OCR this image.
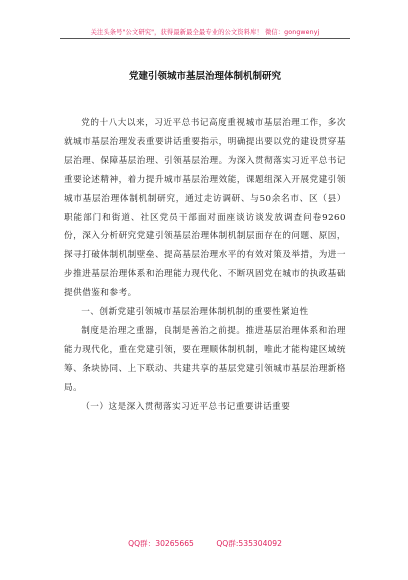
关注头条号"公文研究"，获得最新最全最专业的公文资料库！ 微信：gongwenyj
党建引领城市基层治理体制机制研究

党的十八大以来，习近平总书记高度重视城市基层治理工作，多次就城市基层治理发表重要讲话重要指示，明确提出要以党的建设贯穿基层治理、保障基层治理、引领基层治理。为深入贯彻落实习近平总书记重要论述精神，着力提升城市基层治理效能，课题组深入开展党建引领城市基层治理体制机制研究，通过走访调研、与50余名市、区（县）职能部门和街道、社区党员干部面对面座谈访谈发放调查问卷9260份，深入分析研究党建引领基层治理体制机制层面存在的问题、原因，探寻打破体制机制壁垒、提高基层治理水平的有效对策及举措，为进一步推进基层治理体系和治理能力现代化、不断巩固党在城市的执政基础提供借鉴和参考。

一、创新党建引领城市基层治理体制机制的重要性紧迫性

制度是治理之重器，良制是善治之前提。推进基层治理体系和治理能力现代化，重在党建引领，要在理顺体制机制，唯此才能构建区域统筹、条块协同、上下联动、共建共享的基层党建引领城市基层治理新格局。

（一）这是深入贯彻落实习近平总书记重要讲话重要

QQ群：30265665	QQ群:535304092
